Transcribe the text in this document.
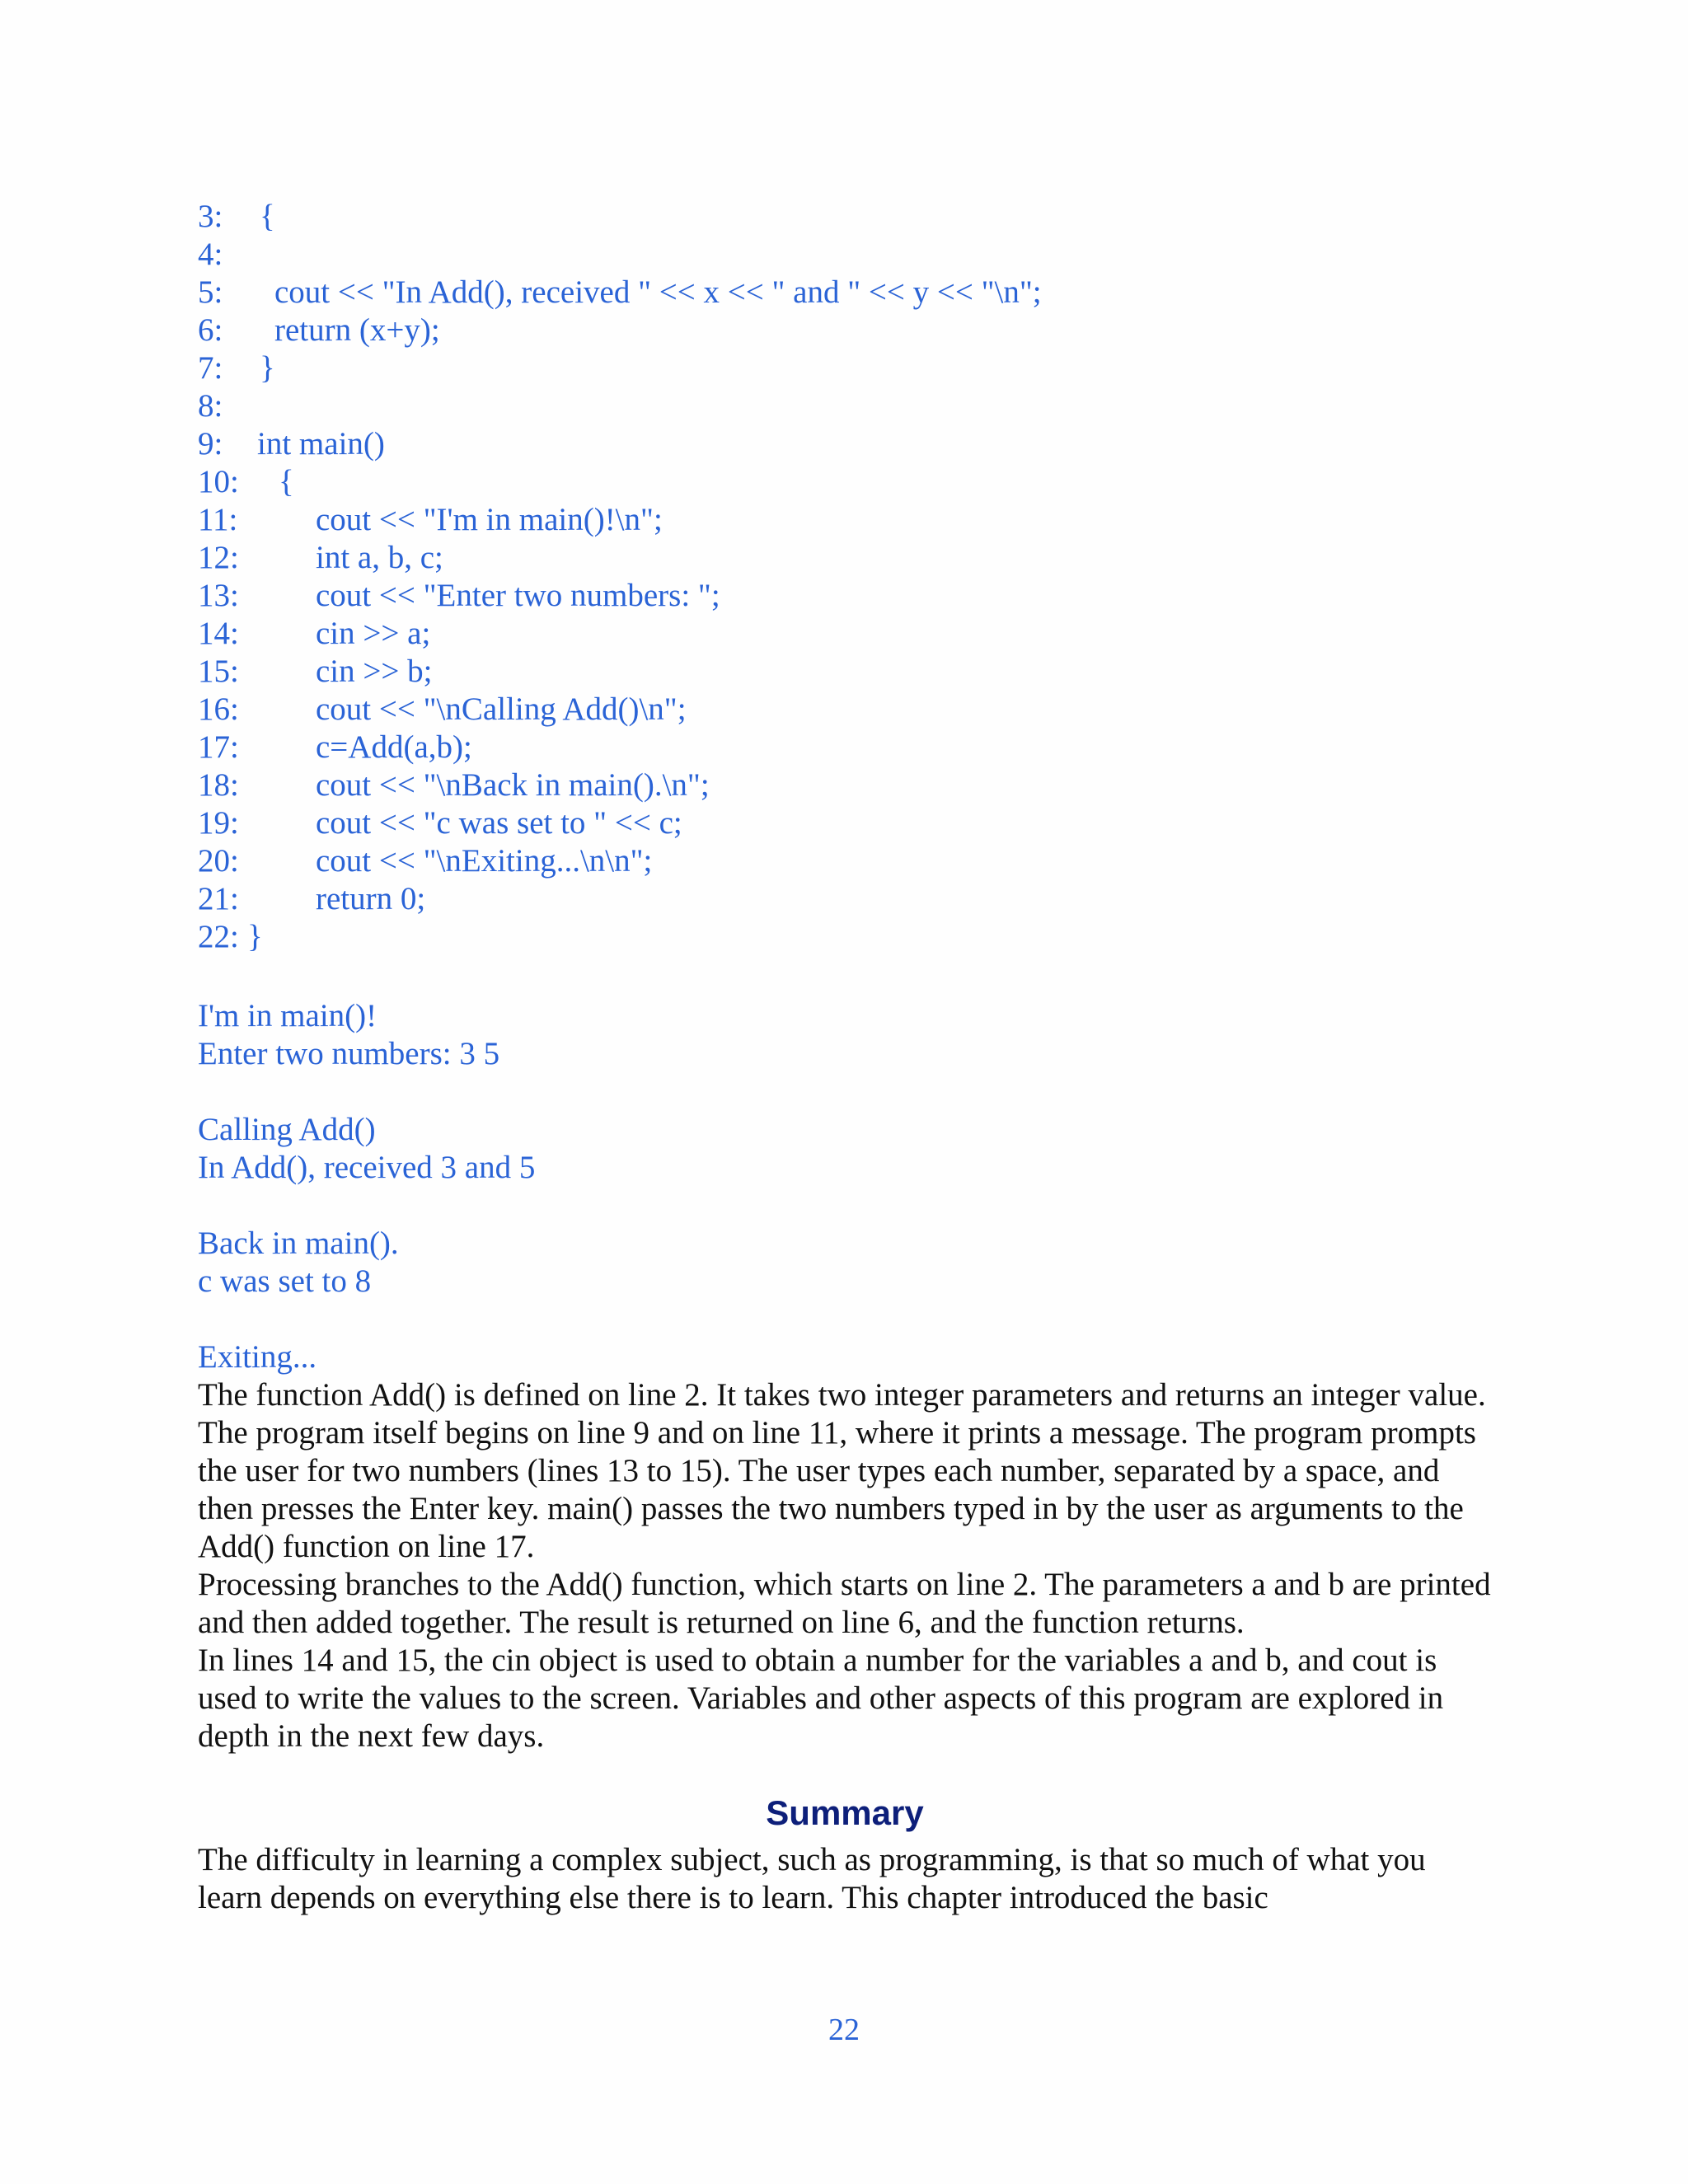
3: {
4:
5: cout << "In Add(), received " << x << " and " << y << "\n";
6: return (x+y);
7: }
8:
9: int main()
10: {
11: cout << "I'm in main()!\n";
12: int a, b, c;
13: cout << "Enter two numbers: ";
14: cin >> a;
15: cin >> b;
16: cout << "\nCalling Add()\n";
17: c=Add(a,b);
18: cout << "\nBack in main().\n";
19: cout << "c was set to " << c;
20: cout << "\nExiting...\n\n";
21: return 0;
22: }
I'm in main()!
Enter two numbers: 3 5
Calling Add()
In Add(), received 3 and 5
Back in main().
c was set to 8
Exiting...

The function Add() is defined on line 2. It takes two integer parameters and returns an integer value. The program itself begins on line 9 and on line 11, where it prints a message. The program prompts the user for two numbers (lines 13 to 15). The user types each number, separated by a space, and then presses the Enter key. main() passes the two numbers typed in by the user as arguments to the Add() function on line 17.

Processing branches to the Add() function, which starts on line 2. The parameters a and b are printed and then added together. The result is returned on line 6, and the function returns.

In lines 14 and 15, the cin object is used to obtain a number for the variables a and b, and cout is used to write the values to the screen. Variables and other aspects of this program are explored in depth in the next few days.

Summary

The difficulty in learning a complex subject, such as programming, is that so much of what you learn depends on everything else there is to learn. This chapter introduced the basic

22
